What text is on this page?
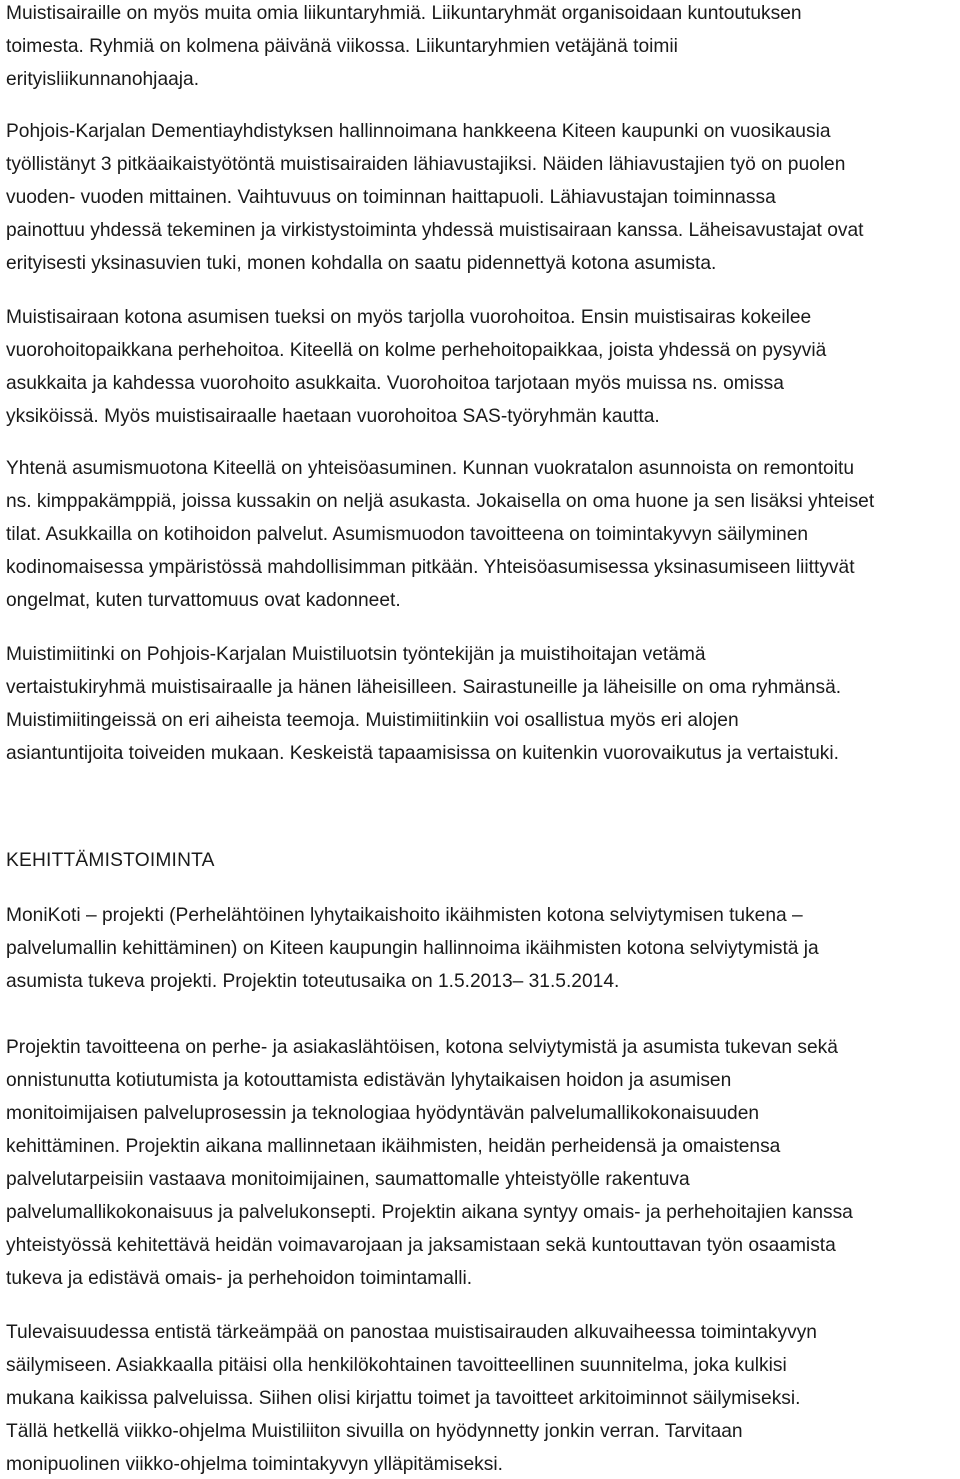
Muistisairaille on myös muita omia liikuntaryhmiä. Liikuntaryhmät organisoidaan kuntoutuksen
toimesta. Ryhmiä on kolmena päivänä viikossa. Liikuntaryhmien vetäjänä toimii
erityisliikunnanohjaaja.
Pohjois-Karjalan Dementiayhdistyksen hallinnoimana hankkeena Kiteen kaupunki on vuosikausia
työllistänyt 3 pitkäaikaistyötöntä muistisairaiden lähiavustajiksi. Näiden lähiavustajien työ on puolen
vuoden- vuoden mittainen. Vaihtuvuus on toiminnan haittapuoli. Lähiavustajan toiminnassa
painottuu yhdessä tekeminen ja virkistystoiminta yhdessä muistisairaan kanssa. Läheisavustajat ovat
erityisesti yksinasuvien tuki, monen kohdalla on saatu pidennettyä kotona asumista.
Muistisairaan kotona asumisen tueksi on myös tarjolla vuorohoitoa. Ensin muistisairas kokeilee
vuorohoitopaikkana perhehoitoa. Kiteellä on kolme perhehoitopaikkaa, joista yhdessä on pysyviä
asukkaita ja kahdessa vuorohoito asukkaita. Vuorohoitoa tarjotaan myös muissa ns. omissa
yksiköissä. Myös muistisairaalle haetaan vuorohoitoa SAS-työryhmän kautta.
Yhtenä asumismuotona Kiteellä on yhteisöasuminen. Kunnan vuokratalon asunnoista on remontoitu
ns. kimppakämppiä, joissa kussakin on neljä asukasta. Jokaisella on oma huone ja sen lisäksi yhteiset
tilat. Asukkailla on kotihoidon palvelut. Asumismuodon tavoitteena on toimintakyvyn säilyminen
kodinomaisessa ympäristössä mahdollisimman pitkään. Yhteisöasumisessa yksinasumiseen liittyvät
ongelmat, kuten turvattomuus ovat kadonneet.
Muistimiitinki on Pohjois-Karjalan Muistiluotsin työntekijän ja muistihoitajan vetämä
vertaistukiryhmä muistisairaalle ja hänen läheisilleen. Sairastuneille ja läheisille on oma ryhmänsä.
Muistimiitingeissä on eri aiheista teemoja. Muistimiitinkiin voi osallistua myös eri alojen
asiantuntijoita toiveiden mukaan. Keskeistä tapaamisissa on kuitenkin vuorovaikutus ja vertaistuki.
KEHITTÄMISTOIMINTA
MoniKoti – projekti (Perhelähtöinen lyhytaikaishoito ikäihmisten kotona selviytymisen tukena –
palvelumallin kehittäminen) on Kiteen kaupungin hallinnoima ikäihmisten kotona selviytymistä ja
asumista tukeva projekti. Projektin toteutusaika on 1.5.2013– 31.5.2014.
Projektin tavoitteena on perhe- ja asiakaslähtöisen, kotona selviytymistä ja asumista tukevan sekä
onnistunutta kotiutumista ja kotouttamista edistävän lyhytaikaisen hoidon ja asumisen
monitoimijaisen palveluprosessin ja teknologiaa hyödyntävän palvelumallikokonaisuuden
kehittäminen. Projektin aikana mallinnetaan ikäihmisten, heidän perheidensä ja omaistensa
palvelutarpeisiin vastaava monitoimijainen, saumattomalle yhteistyölle rakentuva
palvelumallikokonaisuus ja palvelukonsepti. Projektin aikana syntyy omais- ja perhehoitajien kanssa
yhteistyössä kehitettävä heidän voimavarojaan ja jaksamistaan sekä kuntouttavan työn osaamista
tukeva ja edistävä omais- ja perhehoidon toimintamalli.
Tulevaisuudessa entistä tärkeämpää on panostaa muistisairauden alkuvaiheessa toimintakyvyn
säilymiseen. Asiakkaalla pitäisi olla henkilökohtainen tavoitteellinen suunnitelma, joka kulkisi
mukana kaikissa palveluissa. Siihen olisi kirjattu toimet ja tavoitteet arkitoiminnot säilymiseksi.
Tällä hetkellä viikko-ohjelma Muistiliiton sivuilla on hyödynnetty jonkin verran. Tarvitaan
monipuolinen viikko-ohjelma toimintakyvyn ylläpitämiseksi.
